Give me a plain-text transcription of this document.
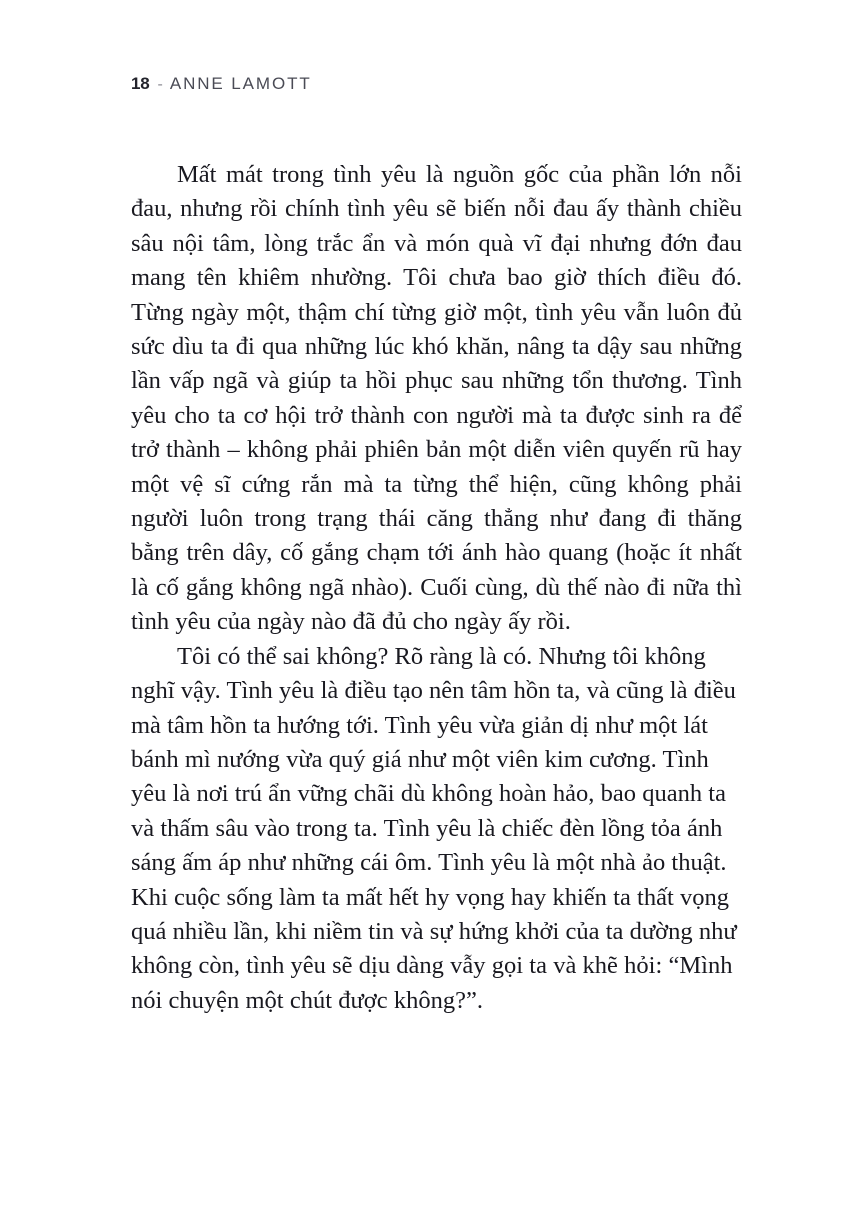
18 - ANNE LAMOTT

Mất mát trong tình yêu là nguồn gốc của phần lớn nỗi đau, nhưng rồi chính tình yêu sẽ biến nỗi đau ấy thành chiều sâu nội tâm, lòng trắc ẩn và món quà vĩ đại nhưng đớn đau mang tên khiêm nhường. Tôi chưa bao giờ thích điều đó. Từng ngày một, thậm chí từng giờ một, tình yêu vẫn luôn đủ sức dìu ta đi qua những lúc khó khăn, nâng ta dậy sau những lần vấp ngã và giúp ta hồi phục sau những tổn thương. Tình yêu cho ta cơ hội trở thành con người mà ta được sinh ra để trở thành – không phải phiên bản một diễn viên quyến rũ hay một vệ sĩ cứng rắn mà ta từng thể hiện, cũng không phải người luôn trong trạng thái căng thẳng như đang đi thăng bằng trên dây, cố gắng chạm tới ánh hào quang (hoặc ít nhất là cố gắng không ngã nhào). Cuối cùng, dù thế nào đi nữa thì tình yêu của ngày nào đã đủ cho ngày ấy rồi.

Tôi có thể sai không? Rõ ràng là có. Nhưng tôi không nghĩ vậy. Tình yêu là điều tạo nên tâm hồn ta, và cũng là điều mà tâm hồn ta hướng tới. Tình yêu vừa giản dị như một lát bánh mì nướng vừa quý giá như một viên kim cương. Tình yêu là nơi trú ẩn vững chãi dù không hoàn hảo, bao quanh ta và thấm sâu vào trong ta. Tình yêu là chiếc đèn lồng tỏa ánh sáng ấm áp như những cái ôm. Tình yêu là một nhà ảo thuật. Khi cuộc sống làm ta mất hết hy vọng hay khiến ta thất vọng quá nhiều lần, khi niềm tin và sự hứng khởi của ta dường như không còn, tình yêu sẽ dịu dàng vẫy gọi ta và khẽ hỏi: “Mình nói chuyện một chút được không?”.
